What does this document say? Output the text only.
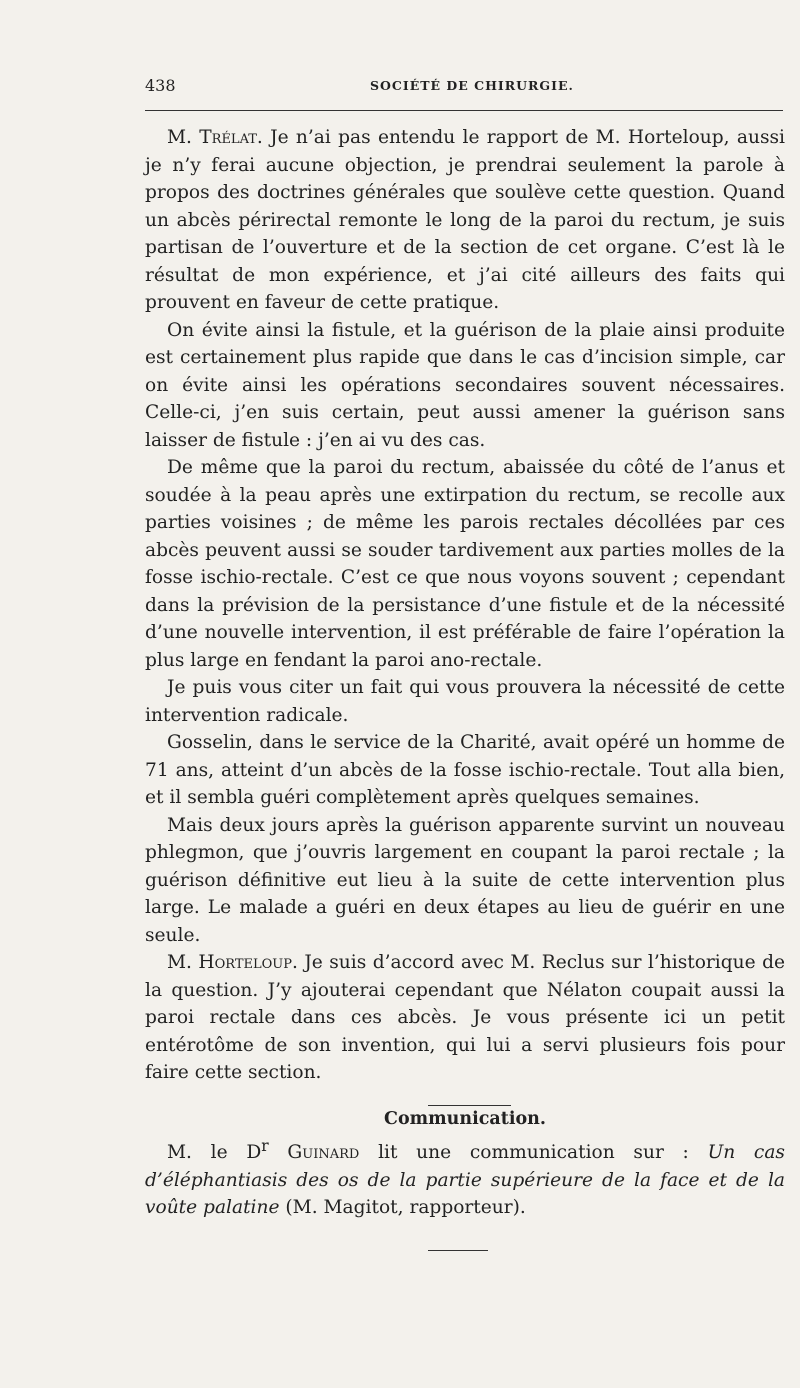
438	SOCIÉTÉ DE CHIRURGIE.

M. Trélat. Je n’ai pas entendu le rapport de M. Horteloup, aussi je n’y ferai aucune objection, je prendrai seulement la parole à propos des doctrines générales que soulève cette question. Quand un abcès périrectal remonte le long de la paroi du rectum, je suis partisan de l’ouverture et de la section de cet organe. C’est là le résultat de mon expérience, et j’ai cité ailleurs des faits qui prouvent en faveur de cette pratique.

On évite ainsi la fistule, et la guérison de la plaie ainsi produite est certainement plus rapide que dans le cas d’incision simple, car on évite ainsi les opérations secondaires souvent nécessaires. Celle-ci, j’en suis certain, peut aussi amener la guérison sans laisser de fistule : j’en ai vu des cas.

De même que la paroi du rectum, abaissée du côté de l’anus et soudée à la peau après une extirpation du rectum, se recolle aux parties voisines ; de même les parois rectales décollées par ces abcès peuvent aussi se souder tardivement aux parties molles de la fosse ischio-rectale. C’est ce que nous voyons souvent ; cependant dans la prévision de la persistance d’une fistule et de la nécessité d’une nouvelle intervention, il est préférable de faire l’opération la plus large en fendant la paroi ano-rectale.

Je puis vous citer un fait qui vous prouvera la nécessité de cette intervention radicale.

Gosselin, dans le service de la Charité, avait opéré un homme de 71 ans, atteint d’un abcès de la fosse ischio-rectale. Tout alla bien, et il sembla guéri complètement après quelques semaines.

Mais deux jours après la guérison apparente survint un nouveau phlegmon, que j’ouvris largement en coupant la paroi rectale ; la guérison définitive eut lieu à la suite de cette intervention plus large. Le malade a guéri en deux étapes au lieu de guérir en une seule.

M. Horteloup. Je suis d’accord avec M. Reclus sur l’historique de la question. J’y ajouterai cependant que Nélaton coupait aussi la paroi rectale dans ces abcès. Je vous présente ici un petit entérotôme de son invention, qui lui a servi plusieurs fois pour faire cette section.

Communication.

M. le $D^r$ Guinard lit une communication sur : Un cas d’éléphantiasis des os de la partie supérieure de la face et de la voûte palatine (M. Magitot, rapporteur).
